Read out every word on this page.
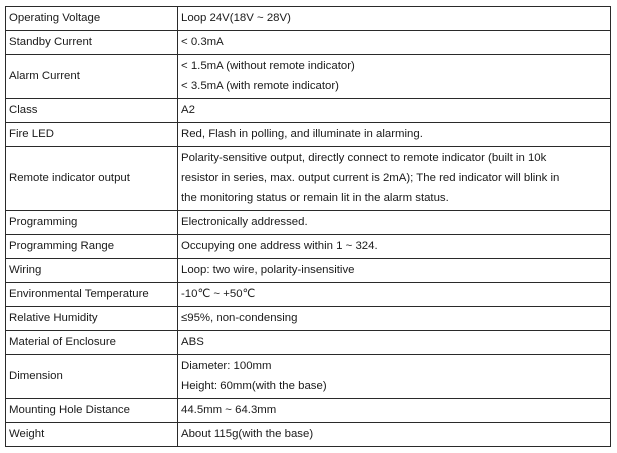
Operating Voltage	Loop 24V(18V ~ 28V)

Standby Current	< 0.3mA

Alarm Current	< 1.5mA (without remote indicator)
< 3.5mA (with remote indicator)

Class	A2

Fire LED	Red, Flash in polling, and illuminate in alarming.

Remote indicator output	Polarity-sensitive output, directly connect to remote indicator (built in 10k
resistor in series, max. output current is 2mA); The red indicator will blink in
the monitoring status or remain lit in the alarm status.

Programming	Electronically addressed.

Programming Range	Occupying one address within 1 ~ 324.

Wiring	Loop: two wire, polarity-insensitive

Environmental Temperature	-10℃ ~ +50℃

Relative Humidity	≤95%, non-condensing

Material of Enclosure	ABS

Dimension	Diameter: 100mm
Height: 60mm(with the base)

Mounting Hole Distance	44.5mm ~ 64.3mm

Weight	About 115g(with the base)
